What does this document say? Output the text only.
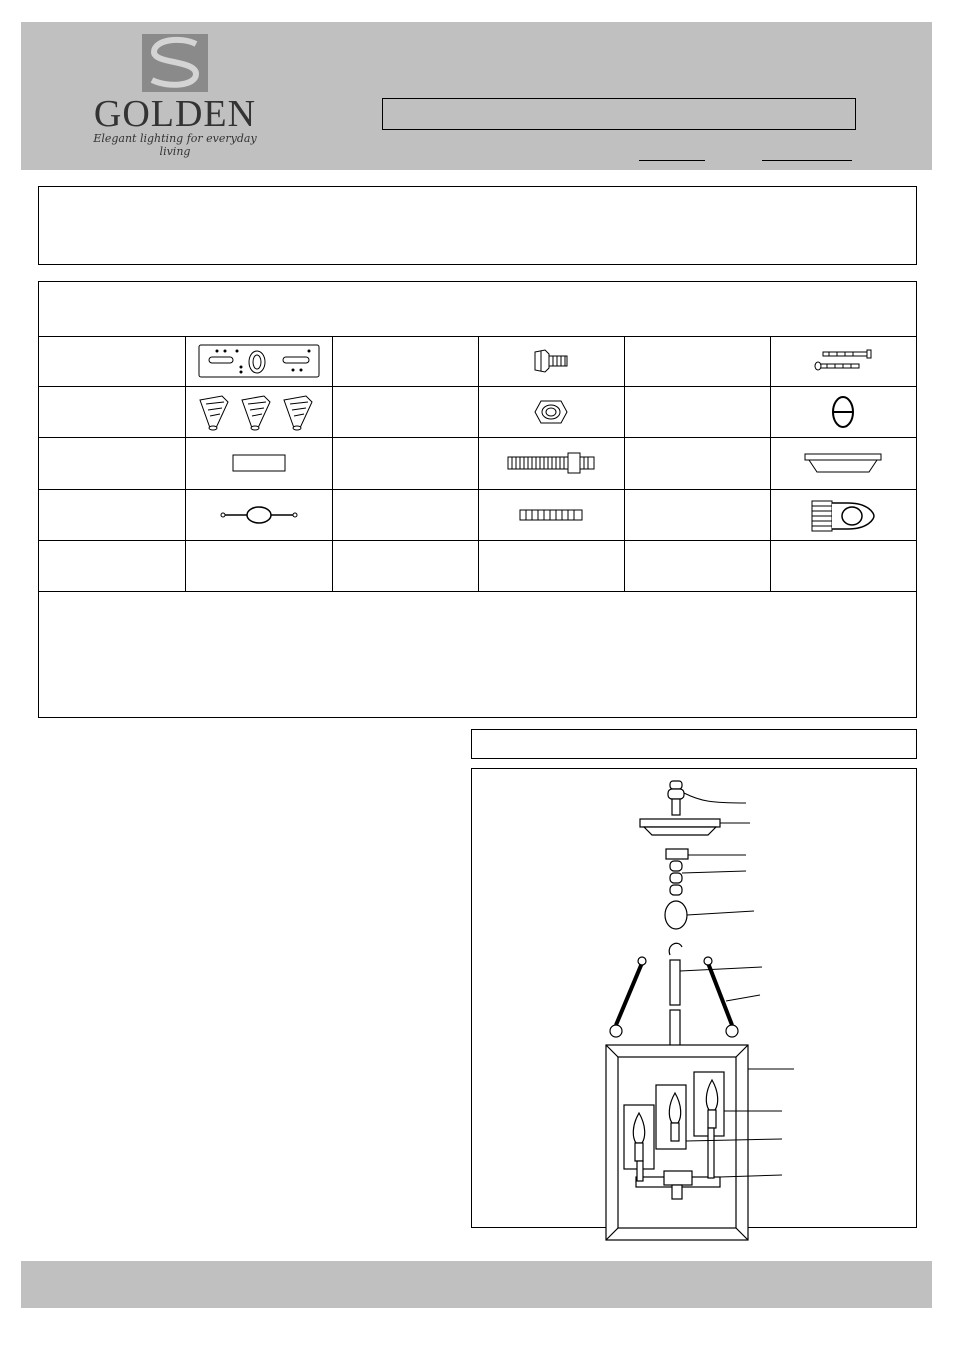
GOLDEN
Elegant lighting for everyday living
